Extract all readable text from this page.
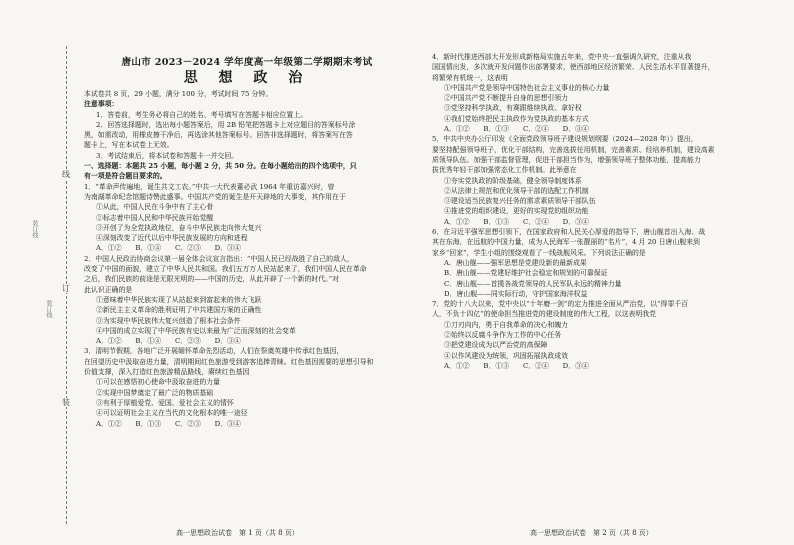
线
订
装
装订线
装订线

唐山市 2023－2024 学年度高一年级第二学期期末考试

思 想 政 治

本试卷共 8 页，29 小题，满分 100 分，考试时间 75 分钟。

注意事项：

1．答卷前，考生务必将自己的姓名、考号填写在答题卡相应位置上。

2．回答选择题时，选出每小题答案后，用 2B 铅笔把答题卡上对应题目的答案标号涂

黑，如需改动，用橡皮擦干净后，再选涂其他答案标号。回答非选择题时，将答案写在答

题卡上，写在本试卷上无效。

3．考试结束后，将本试卷和答题卡一并交回。

一、选择题：本题共 25 小题，每小题 2 分，共 50 分。在每小题给出的四个选项中，只

有一项是符合题目要求的。

1．“革命声传遍地，诞生共文工农。”中共一大代表董必武 1964 年重访嘉兴时，曾

为南湖革命纪念馆题诗赞此盛事。中国共产党的诞生是开天辟地的大事变，其作用在于

①从此，中国人民在斗争中有了主心骨

②标志着中国人民和中华民族开始觉醒

③开创了为全党执政地位，奋斗中华民族走向伟大复兴

④深刻改变了近代以后中华民族发展的方向和进程

A．①②　　B．①④　　C．②③　　D．③④

2．中国人民政治协商会议第一届全体会议宣言指出：“中国人民已经战胜了自己的敌人，

改变了中国的面貌，建立了中华人民共和国。我们五万万人民站起来了，我们中国人民在革命

之后，我们民族的前途是无限光明的——中国的历史，从此开辟了一个新的时代。”对

此认识正确的是

①意味着中华民族实现了从站起来到富起来的伟大飞跃

②新民主主义革命的胜利证明了中共建国方案的正确性

③为实现中华民族伟大复兴创造了根本社会条件

④中国的成立实现了中华民族有史以来最为广泛而深刻的社会变革

A．①②　　B．①④　　C．②③　　D．③④

3．清明节假期，各地广泛开展缅怀革命先烈活动，人们在祭奠英雄中传承红色基因，

在回望历史中汲取奋进力量，清明期间红色旅游受到游客追捧青睐。红色基因需要的思想引导和

价值支撑，深入打造红色旅游精品路线，赓续红色基因

①可以在感悟初心使命中汲取奋进的力量

②实现中国梦奠定了最广泛的物质基础

③有利于厚植爱党、爱国、爱社会主义的情怀

④可以证明社会主义在当代的文化根本的唯一途径

A．①②　　B．①③　　C．②③　　D．③④

4．新时代推进西部大开发形成新格局实施五年来，党中央一直强调久研究，注重从我

国国情出发，多次就开发问题作出部署要求，使西部地区经济繁荣、人民生活水平显著提升，

将繁荣有机统一，这表明

①中国共产党是领导中国特色社会主义事业的核心力量

②中国共产党不断提升自身的思想引领力

③党坚持科学执政，有赛跟维续执政、拿好权

④我们党始终把民主执政作为党执政的基本方式

A．①②　　B．①③　　C．②④　　D．③④

5．中共中央办公厅印发《全面党政领导班子建设规划纲要（2024—2028 年）》提出，

要坚持配强领导班子，优化干部结构，完善选拔任用机制，完善素质、经培养机制，建设高素

质领导队伍。加强干部监督管理，促进干部担当作为，增强领导班子整体功能，提高能力

拔优秀年轻干部加强常态化工作机制。此举意在

①夯实党执政的阶级基础，健全领导制度体系

②从法律上规范和优化领导干部的选配工作机制

③建设适当民族复兴任务的需求素质领导干部队伍

④推进党的组织建设，更好的实现党的组织功能

A．①②　　B．①③　　C．②④　　D．③④

6．在习近平强军思想引领下，在国家政府和人民关心厚爱的指导下，唐山舰首出入海、战

其在东海，在远航的中国力量，成为人民海军一张靓丽的“名片”，4 月 20 日唐山舰来到

家乡“回家”，学生小组的围绕观看了一线战舰风采。下列说法正确的是

A．唐山舰——强军思想是党建设新的最新成果

B．唐山舰——党建好维护社会稳定和规划的可靠保证

C．唐山舰——首揽各战党领导的人民军队永远的精神力量

D．唐山舰——同实际行动，守护国家海洋权益

7．党的十八大以来，党中央以“十年磨一剑”的定力推进全面从严治党，以“得罪千百

人，不负十四亿”的使命担当推进党的建设制度的伟大工程，以这表明我党

①刀刃向内，勇于自我革命的决心和魄力

②始终以反腐斗争作为工作的中心任务

③把党建设成为以严治党的高保障

④以作风建设为统领，巩固拓展执政成效

A．①②　　B．①③　　C．②④　　D．③④

高一思想政治试卷　第 1 页（共 8 页）	高一思想政治试卷　第 2 页（共 8 页）
